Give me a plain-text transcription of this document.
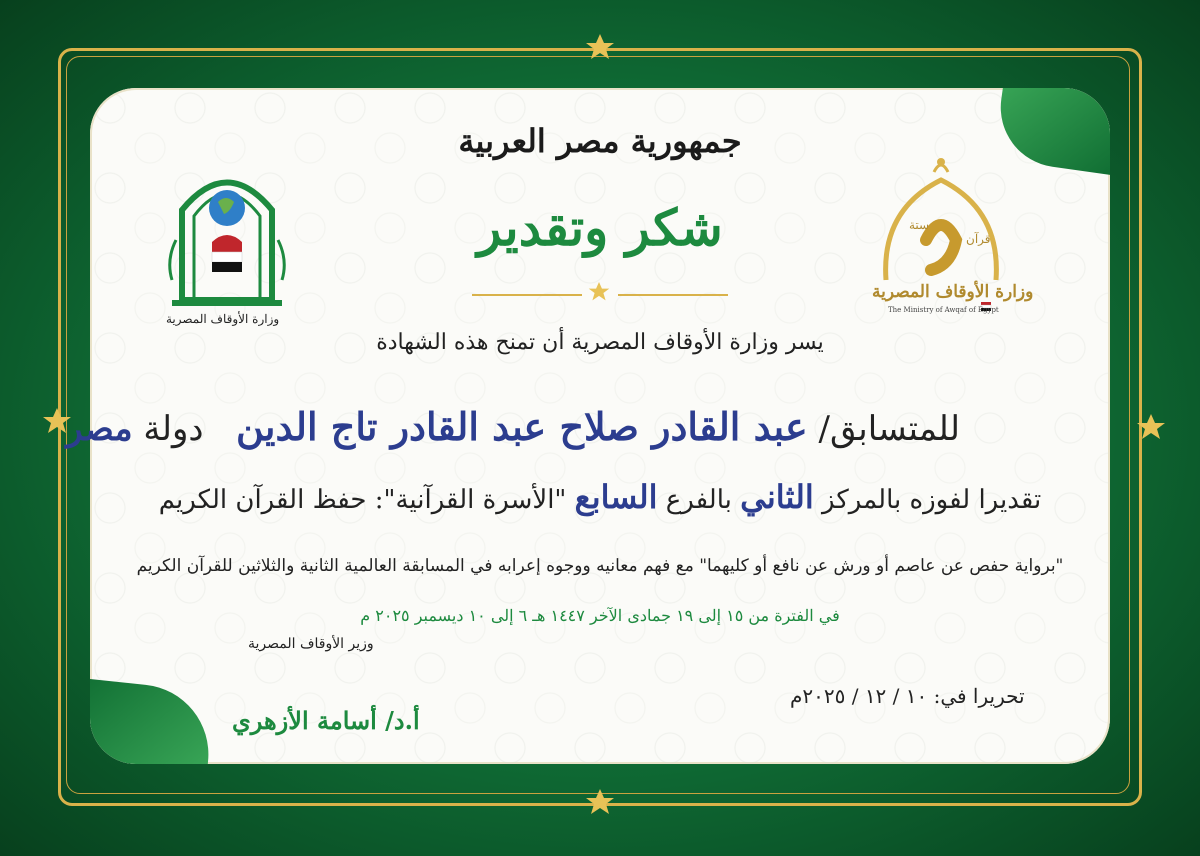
وزارة الأوقاف المصرية
ستة
قرآن
وزارة الأوقاف المصرية
The Ministry of Awqaf of Egypt
جمهورية مصر العربية
شكر وتقدير
يسر وزارة الأوقاف المصرية أن تمنح هذه الشهادة
للمتسابق/ عبد القادر صلاح عبد القادر تاج الدين   دولة مصر
تقديرا لفوزه بالمركز الثاني بالفرع السابع "الأسرة القرآنية": حفظ القرآن الكريم
"برواية حفص عن عاصم أو ورش عن نافع أو كليهما" مع فهم معانيه ووجوه إعرابه في المسابقة العالمية الثانية والثلاثين للقرآن الكريم
في الفترة من ١٥ إلى ١٩ جمادى الآخر ١٤٤٧ هـ ٦ إلى ١٠ ديسمبر ٢٠٢٥ م
وزير الأوقاف المصرية
أ.د/ أسامة الأزهري
تحريرا في: ١٠ / ١٢ / ٢٠٢٥م
